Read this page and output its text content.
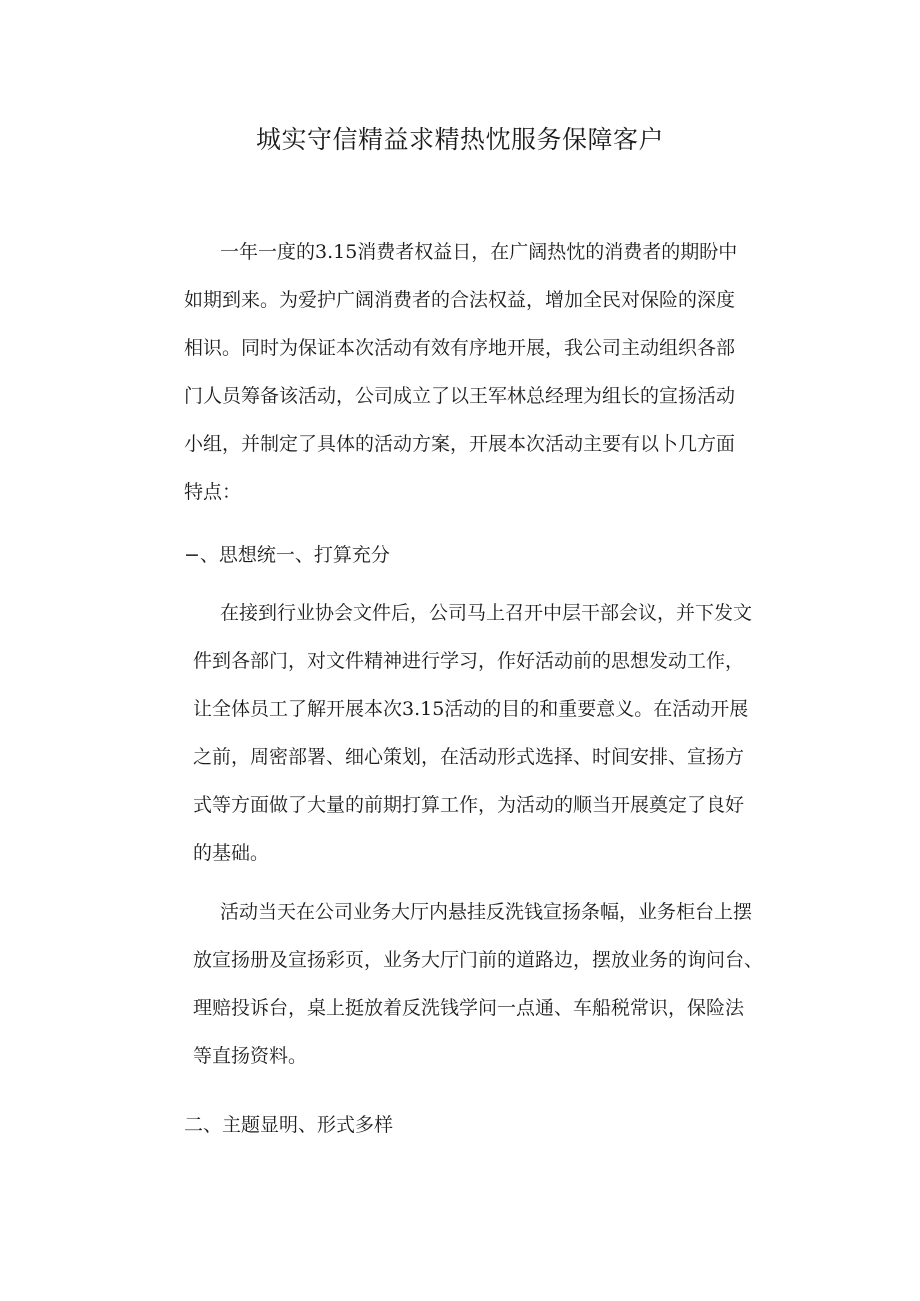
城实守信精益求精热忱服务保障客户
一年一度的3.15消费者权益日，在广阔热忱的消费者的期盼中
如期到来。为爱护广阔消费者的合法权益，增加全民对保险的深度
相识。同时为保证本次活动有效有序地开展，我公司主动组织各部
门人员筹备该活动，公司成立了以王军林总经理为组长的宣扬活动
小组，并制定了具体的活动方案，开展本次活动主要有以卜几方面
特点：
−、思想统一、打算充分
在接到行业协会文件后，公司马上召开中层干部会议，并下发文
件到各部门，对文件精神进行学习，作好活动前的思想发动工作，
让全体员工了解开展本次3.15活动的目的和重要意义。在活动开展
之前，周密部署、细心策划，在活动形式选择、时间安排、宣扬方
式等方面做了大量的前期打算工作，为活动的顺当开展奠定了良好
的基础。
活动当天在公司业务大厅内悬挂反洗钱宣扬条幅，业务柜台上摆
放宣扬册及宣扬彩页，业务大厅门前的道路边，摆放业务的询问台、
理赔投诉台，桌上挺放着反洗钱学问一点通、车船税常识，保险法
等直扬资料。
二、主题显明、形式多样
